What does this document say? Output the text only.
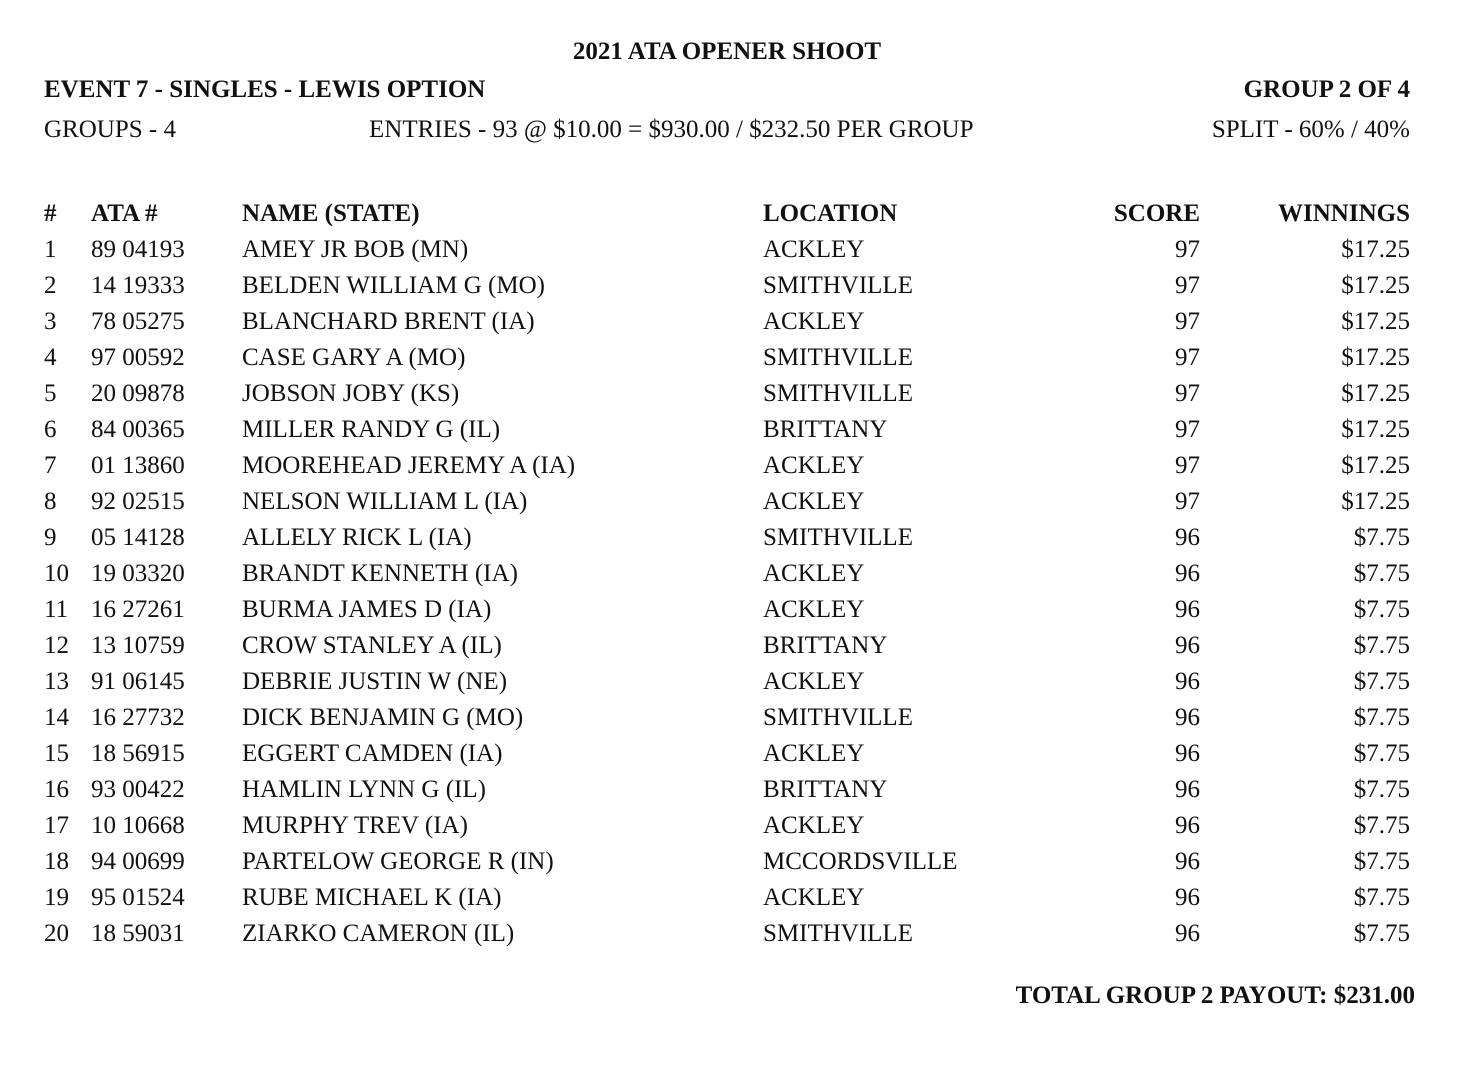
2021 ATA OPENER SHOOT
EVENT 7 - SINGLES - LEWIS OPTION	GROUP 2 OF 4
GROUPS - 4	ENTRIES - 93 @ $10.00 = $930.00 / $232.50 PER GROUP	SPLIT - 60% / 40%
#	ATA #	NAME (STATE)	LOCATION	SCORE	WINNINGS
1	89 04193	AMEY JR BOB (MN)	ACKLEY	97	$17.25
2	14 19333	BELDEN WILLIAM G (MO)	SMITHVILLE	97	$17.25
3	78 05275	BLANCHARD BRENT (IA)	ACKLEY	97	$17.25
4	97 00592	CASE GARY A (MO)	SMITHVILLE	97	$17.25
5	20 09878	JOBSON JOBY (KS)	SMITHVILLE	97	$17.25
6	84 00365	MILLER RANDY G (IL)	BRITTANY	97	$17.25
7	01 13860	MOOREHEAD JEREMY A (IA)	ACKLEY	97	$17.25
8	92 02515	NELSON WILLIAM L (IA)	ACKLEY	97	$17.25
9	05 14128	ALLELY RICK L (IA)	SMITHVILLE	96	$7.75
10	19 03320	BRANDT KENNETH (IA)	ACKLEY	96	$7.75
11	16 27261	BURMA JAMES D (IA)	ACKLEY	96	$7.75
12	13 10759	CROW STANLEY A (IL)	BRITTANY	96	$7.75
13	91 06145	DEBRIE JUSTIN W (NE)	ACKLEY	96	$7.75
14	16 27732	DICK BENJAMIN G (MO)	SMITHVILLE	96	$7.75
15	18 56915	EGGERT CAMDEN (IA)	ACKLEY	96	$7.75
16	93 00422	HAMLIN LYNN G (IL)	BRITTANY	96	$7.75
17	10 10668	MURPHY TREV (IA)	ACKLEY	96	$7.75
18	94 00699	PARTELOW GEORGE R (IN)	MCCORDSVILLE	96	$7.75
19	95 01524	RUBE MICHAEL K (IA)	ACKLEY	96	$7.75
20	18 59031	ZIARKO CAMERON (IL)	SMITHVILLE	96	$7.75
TOTAL GROUP 2 PAYOUT: $231.00
